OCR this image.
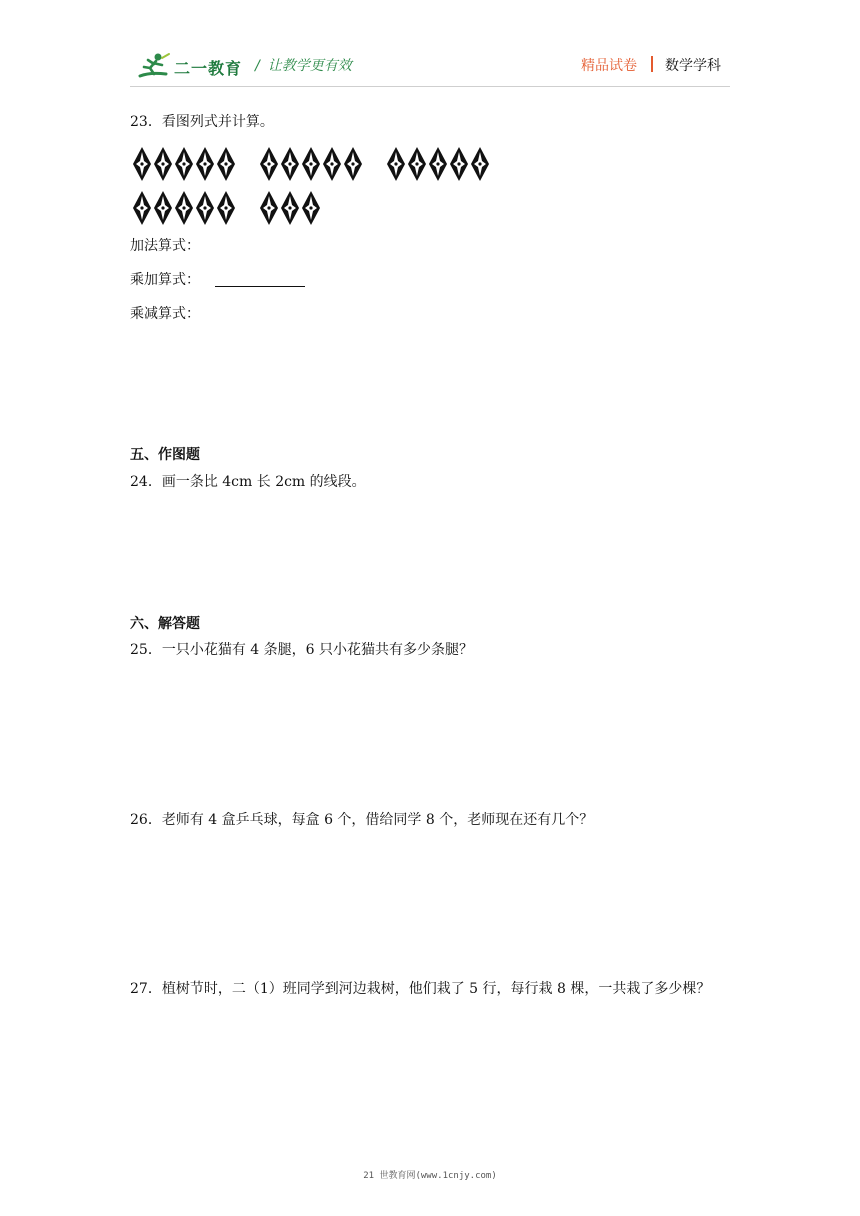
二一教育 / 让教学更有效	精品试卷 数学学科
23．看图列式并计算。
加法算式：
乘加算式：
乘减算式：
五、作图题
24．画一条比 4cm 长 2cm 的线段。
六、解答题
25．一只小花猫有 4 条腿，6 只小花猫共有多少条腿？
26．老师有 4 盒乒乓球，每盒 6 个，借给同学 8 个，老师现在还有几个？
27．植树节时，二（1）班同学到河边栽树，他们栽了 5 行，每行栽 8 棵，一共栽了多少棵？
21 世教育网(www.1cnjy.com)
